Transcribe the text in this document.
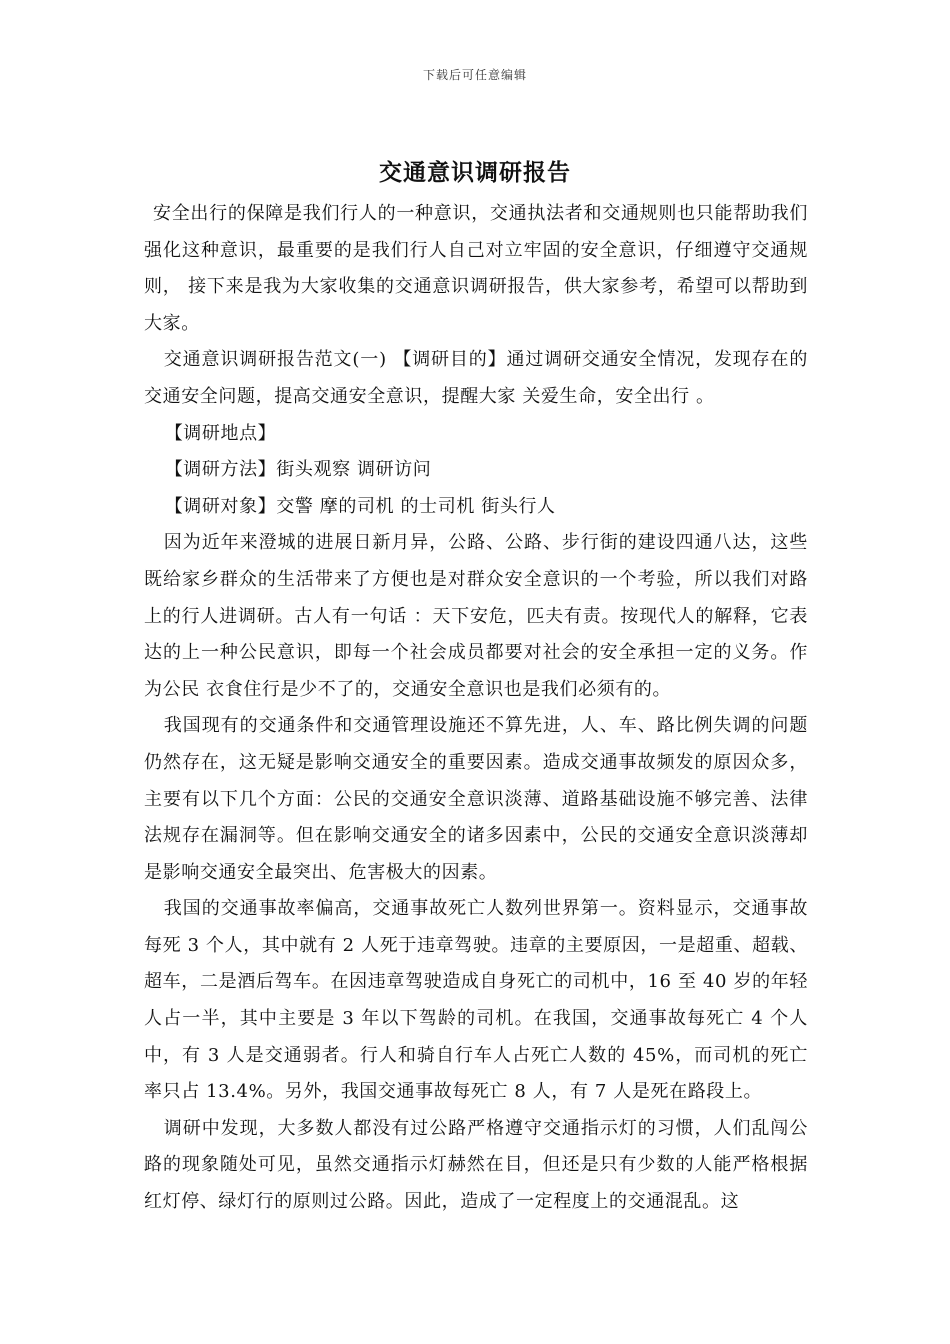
下载后可任意编辑
交通意识调研报告

安全出行的保障是我们行人的一种意识，交通执法者和交通规则也只能帮助我们强化这种意识，最重要的是我们行人自己对立牢固的安全意识，仔细遵守交通规则， 接下来是我为大家收集的交通意识调研报告，供大家参考，希望可以帮助到大家。

交通意识调研报告范文(一) 【调研目的】通过调研交通安全情况，发现存在的交通安全问题，提高交通安全意识，提醒大家 关爱生命，安全出行 。

【调研地点】

【调研方法】街头观察 调研访问

【调研对象】交警 摩的司机 的士司机 街头行人

因为近年来澄城的进展日新月异，公路、公路、步行街的建设四通八达，这些既给家乡群众的生活带来了方便也是对群众安全意识的一个考验，所以我们对路上的行人进调研。古人有一句话 ：天下安危，匹夫有责。按现代人的解释，它表达的上一种公民意识，即每一个社会成员都要对社会的安全承担一定的义务。作为公民 衣食住行是少不了的，交通安全意识也是我们必须有的。

我国现有的交通条件和交通管理设施还不算先进，人、车、路比例失调的问题仍然存在，这无疑是影响交通安全的重要因素。造成交通事故频发的原因众多，主要有以下几个方面：公民的交通安全意识淡薄、道路基础设施不够完善、法律法规存在漏洞等。但在影响交通安全的诸多因素中，公民的交通安全意识淡薄却是影响交通安全最突出、危害极大的因素。

我国的交通事故率偏高，交通事故死亡人数列世界第一。资料显示，交通事故每死 3 个人，其中就有 2 人死于违章驾驶。违章的主要原因，一是超重、超载、超车，二是酒后驾车。在因违章驾驶造成自身死亡的司机中，16 至 40 岁的年轻人占一半，其中主要是 3 年以下驾龄的司机。在我国，交通事故每死亡 4 个人中，有 3 人是交通弱者。行人和骑自行车人占死亡人数的 45%，而司机的死亡率只占 13.4%。另外，我国交通事故每死亡 8 人，有 7 人是死在路段上。

调研中发现，大多数人都没有过公路严格遵守交通指示灯的习惯，人们乱闯公路的现象随处可见，虽然交通指示灯赫然在目，但还是只有少数的人能严格根据红灯停、绿灯行的原则过公路。因此，造成了一定程度上的交通混乱。这
